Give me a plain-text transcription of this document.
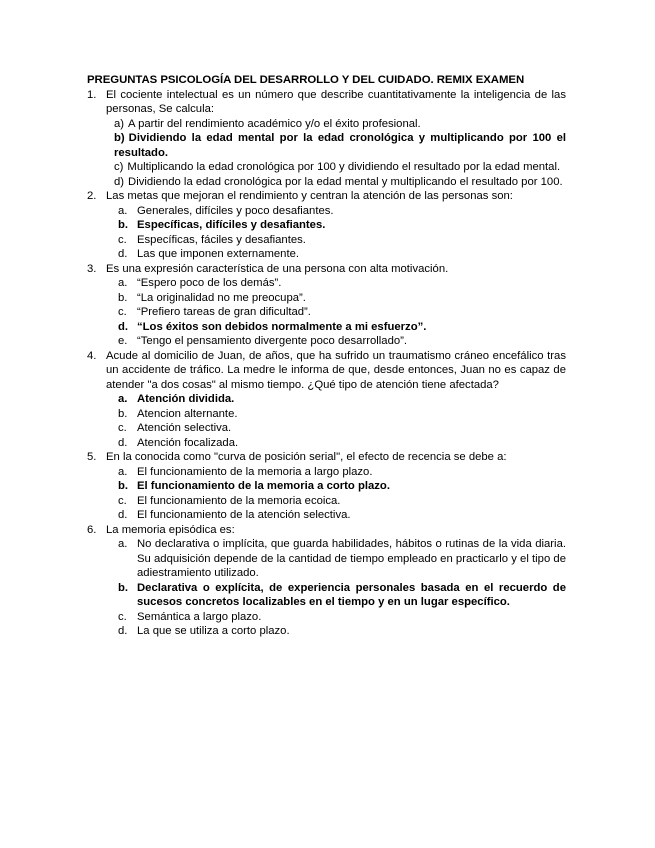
PREGUNTAS PSICOLOGÍA DEL DESARROLLO Y DEL CUIDADO. REMIX EXAMEN
1. El cociente intelectual es un número que describe cuantitativamente la inteligencia de las personas, Se calcula:
a) A partir del rendimiento académico y/o el éxito profesional.
b) Dividiendo la edad mental por la edad cronológica y multiplicando por 100 el resultado.
c) Multiplicando la edad cronológica por 100 y dividiendo el resultado por la edad mental.
d) Dividiendo la edad cronológica por la edad mental y multiplicando el resultado por 100.
2. Las metas que mejoran el rendimiento y centran la atención de las personas son:
a. Generales, difíciles y poco desafiantes.
b. Específicas, difíciles y desafiantes.
c. Específicas, fáciles y desafiantes.
d. Las que imponen externamente.
3. Es una expresión característica de una persona con alta motivación.
a. “Espero poco de los demás”.
b. “La originalidad no me preocupa”.
c. “Prefiero tareas de gran dificultad”.
d. “Los éxitos son debidos normalmente a mi esfuerzo”.
e. “Tengo el pensamiento divergente poco desarrollado”.
4. Acude al domicilio de Juan, de años, que ha sufrido un traumatismo cráneo encefálico tras un accidente de tráfico. La medre le informa de que, desde entonces, Juan no es capaz de atender "a dos cosas" al mismo tiempo. ¿Qué tipo de atención tiene afectada?
a. Atención dividida.
b. Atencion alternante.
c. Atención selectiva.
d. Atención focalizada.
5. En la conocida como "curva de posición serial", el efecto de recencia se debe a:
a. El funcionamiento de la memoria a largo plazo.
b. El funcionamiento de la memoria a corto plazo.
c. El funcionamiento de la memoria ecoica.
d. El funcionamiento de la atención selectiva.
6. La memoria episódica es:
a. No declarativa o implícita, que guarda habilidades, hábitos o rutinas de la vida diaria. Su adquisición depende de la cantidad de tiempo empleado en practicarlo y el tipo de adiestramiento utilizado.
b. Declarativa o explícita, de experiencia personales basada en el recuerdo de sucesos concretos localizables en el tiempo y en un lugar específico.
c. Semántica a largo plazo.
d. La que se utiliza a corto plazo.
